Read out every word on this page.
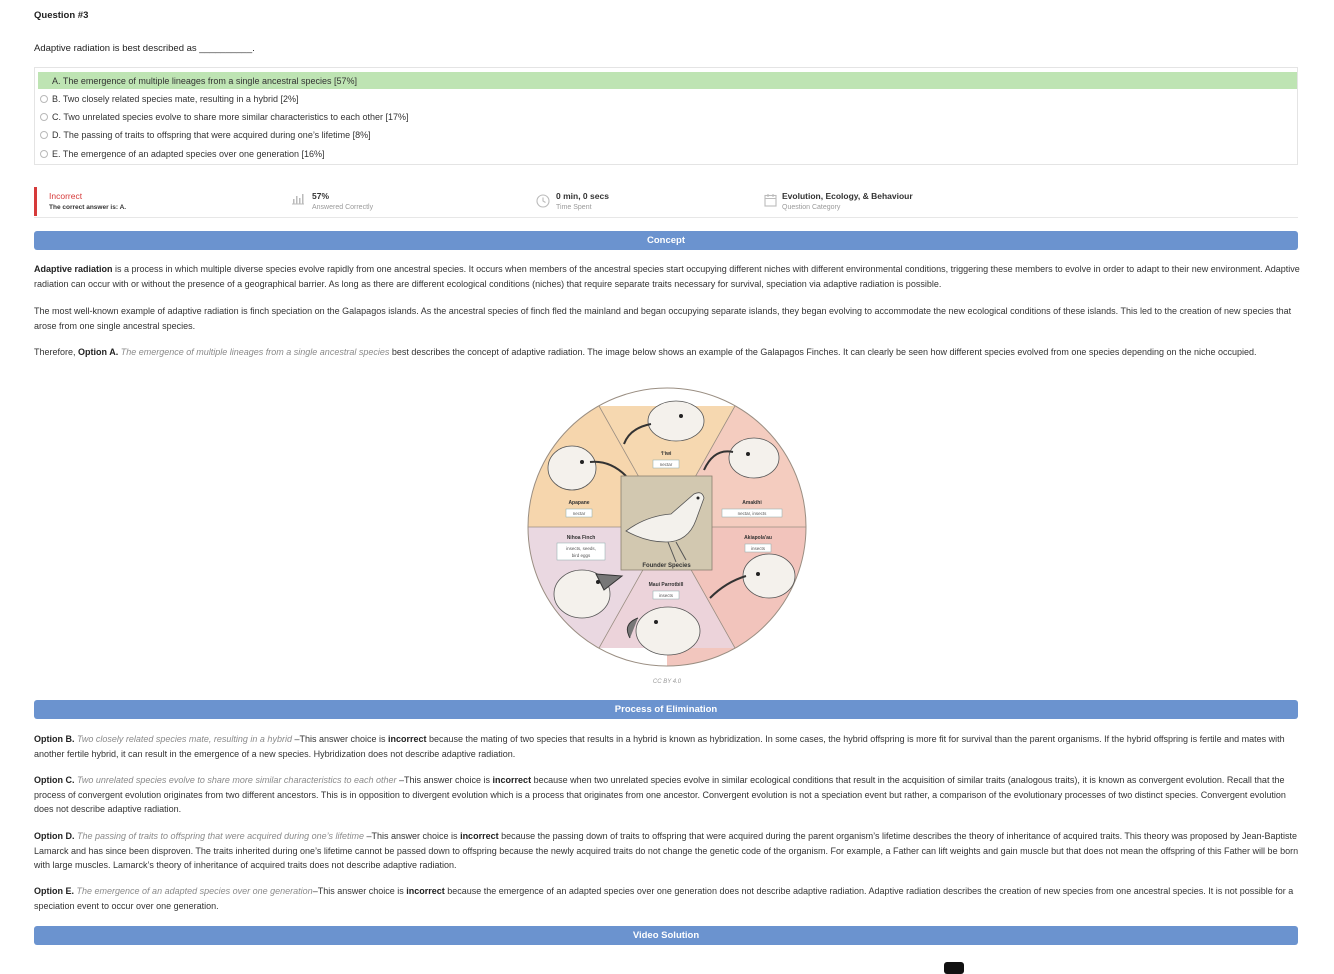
Question #3
Adaptive radiation is best described as __________.
A. The emergence of multiple lineages from a single ancestral species [57%]
B. Two closely related species mate, resulting in a hybrid [2%]
C. Two unrelated species evolve to share more similar characteristics to each other [17%]
D. The passing of traits to offspring that were acquired during one’s lifetime [8%]
E. The emergence of an adapted species over one generation [16%]
Incorrect
The correct answer is: A.
57%
Answered Correctly
0 min, 0 secs
Time Spent
Evolution, Ecology, & Behaviour
Question Category
Concept
Adaptive radiation is a process in which multiple diverse species evolve rapidly from one ancestral species. It occurs when members of the ancestral species start occupying different niches with different environmental conditions, triggering these members to evolve in order to adapt to their new environment. Adaptive radiation can occur with or without the presence of a geographical barrier. As long as there are different ecological conditions (niches) that require separate traits necessary for survival, speciation via adaptive radiation is possible.
The most well-known example of adaptive radiation is finch speciation on the Galapagos islands. As the ancestral species of finch fled the mainland and began occupying separate islands, they began evolving to accommodate the new ecological conditions of these islands. This led to the creation of new species that arose from one single ancestral species.
Therefore, Option A. The emergence of multiple lineages from a single ancestral species best describes the concept of adaptive radiation. The image below shows an example of the Galapagos Finches. It can clearly be seen how different species evolved from one species depending on the niche occupied.
Founder Species
ʻIʻiwi
nectar
Amakihi
nectar, insects
Akiapola'au
insects
Maui Parrotbill
insects
Nihoa Finch
insects, seeds,
bird eggs
Apapane
nectar
CC BY 4.0
Process of Elimination
Option B. Two closely related species mate, resulting in a hybrid –This answer choice is incorrect because the mating of two species that results in a hybrid is known as hybridization. In some cases, the hybrid offspring is more fit for survival than the parent organisms. If the hybrid offspring is fertile and mates with another fertile hybrid, it can result in the emergence of a new species. Hybridization does not describe adaptive radiation.
Option C. Two unrelated species evolve to share more similar characteristics to each other –This answer choice is incorrect because when two unrelated species evolve in similar ecological conditions that result in the acquisition of similar traits (analogous traits), it is known as convergent evolution. Recall that the process of convergent evolution originates from two different ancestors. This is in opposition to divergent evolution which is a process that originates from one ancestor. Convergent evolution is not a speciation event but rather, a comparison of the evolutionary processes of two distinct species. Convergent evolution does not describe adaptive radiation.
Option D. The passing of traits to offspring that were acquired during one’s lifetime –This answer choice is incorrect because the passing down of traits to offspring that were acquired during the parent organism’s lifetime describes the theory of inheritance of acquired traits. This theory was proposed by Jean-Baptiste Lamarck and has since been disproven. The traits inherited during one’s lifetime cannot be passed down to offspring because the newly acquired traits do not change the genetic code of the organism. For example, a Father can lift weights and gain muscle but that does not mean the offspring of this Father will be born with large muscles. Lamarck’s theory of inheritance of acquired traits does not describe adaptive radiation.
Option E. The emergence of an adapted species over one generation–This answer choice is incorrect because the emergence of an adapted species over one generation does not describe adaptive radiation. Adaptive radiation describes the creation of new species from one ancestral species. It is not possible for a speciation event to occur over one generation.
Video Solution
